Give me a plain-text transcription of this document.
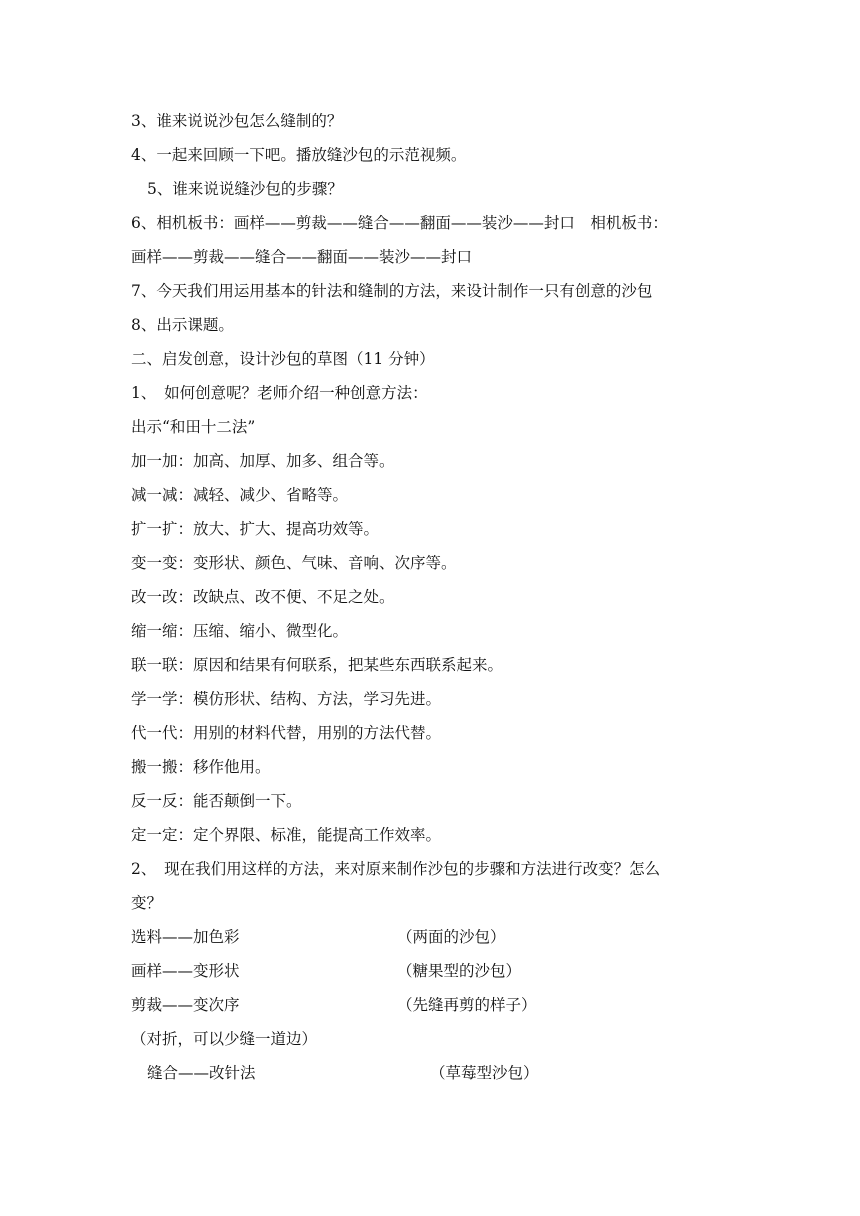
3、谁来说说沙包怎么缝制的？
4、一起来回顾一下吧。播放缝沙包的示范视频。
5、谁来说说缝沙包的步骤？
6、相机板书：画样——剪裁——缝合——翻面——装沙——封口　相机板书：
画样——剪裁——缝合——翻面——装沙——封口
7、今天我们用运用基本的针法和缝制的方法，来设计制作一只有创意的沙包
8、出示课题。
二、启发创意，设计沙包的草图（11 分钟）
1、　如何创意呢？老师介绍一种创意方法：
出示“和田十二法”
加一加：加高、加厚、加多、组合等。
减一减：减轻、减少、省略等。
扩一扩：放大、扩大、提高功效等。
变一变：变形状、颜色、气味、音响、次序等。
改一改：改缺点、改不便、不足之处。
缩一缩：压缩、缩小、微型化。
联一联：原因和结果有何联系，把某些东西联系起来。
学一学：模仿形状、结构、方法，学习先进。
代一代：用别的材料代替，用别的方法代替。
搬一搬：移作他用。
反一反：能否颠倒一下。
定一定：定个界限、标准，能提高工作效率。
2、　现在我们用这样的方法，来对原来制作沙包的步骤和方法进行改变？怎么
变？
选料——加色彩	（两面的沙包）
画样——变形状	（糖果型的沙包）
剪裁——变次序	（先缝再剪的样子）
（对折，可以少缝一道边）
缝合——改针法	（草莓型沙包）
